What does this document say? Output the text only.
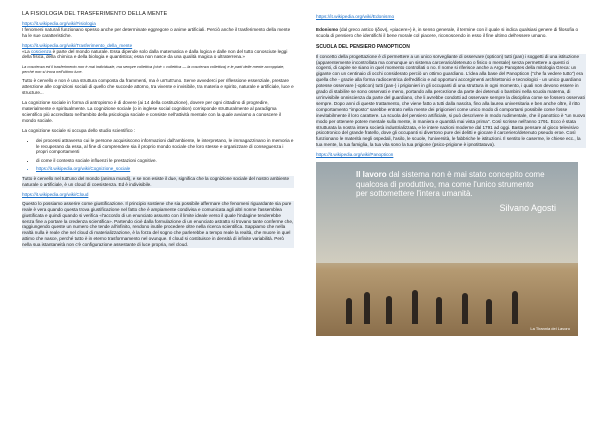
LA FISIOLOGIA DEL TRASFERIMENTO DELLA MENTE
https://it.wikipedia.org/wiki/Fisiologia

I fenomeni naturali funzionano spesso anche per determinate eggregore o anime artificiali. Perciò anche il trasferimento della mente ha le sue caratteristiche.

https://it.wikipedia.org/wiki/Trasferimento_della_mente

«La coscienza è parte del mondo naturale. Essa dipende solo dalla matematica e dalla logica e dalle non del tutto conosciute leggi della fisica, della chimica e della biologia e quantistica; essa non nasce da una qualità magica o ultraterrena.»

La coscienza ed il trasferimento non è mai individuale, ma sempre collettiva (cioè = collettiva — la coscienza collettiva) e le parti delle mente accoppiate, perché non si trova nell'ultimo luce.

Tutto è cervello e non è una struttura composta da frammenti, ma è un'tutt'uno. Serve avvederci per riflessione essenziale, prestare attenzione alle cognizioni sociali di quello che succede attorno, tra vivente e invisibile, tra materia e spirito, naturale e artificiale, luce e structure...

La cognizione sociale in forma di antropismo è di dovere (ai 14 della costituzione), dovere per ogni cittadino di progredire, materialmente e spiritualmente. La cognizione sociale (o in inglese social cognition) corrisponde strutturalmente al paradigma scientifico più accreditato nell'ambito della psicologia sociale e consiste nell'attività mentale con la quale avviamo a conoscere il mondo sociale.

La cognizione sociale si occupa dello studio scientifico :

• dei processi attraverso cui le persone acquisiscono informazioni dall'ambiente, le interpretano, le immagazzinano in memoria e le recuperano da essa, al fine di comprendere sia il proprio mondo sociale che loro stesse e organizzare di conseguenza i propri comportamenti
• di come il contesto sociale influenzi le prestazioni cognitive.
• https://it.wikipedia.org/wiki/Cognizione_sociale

Tutto è cervello nel tutt'uno del mondo (anima mundi), e se non esiste il due, significa che la cognizione sociale del nostro ambiente naturale o artificiale, è un cloud di coesistenza. Ed è indivisibile.

https://it.wikipedia.org/wiki/Cloud

Questo lo possiamo asserire come giustificazione. Il principio sostiene che sia possibile affermare che fenomeni riguardante sia pure reale è vera quando questa trova giustificazione nel fatto che è ampiamente condivisa e comunicata agli altri nonne l'assemblea giustificata e quindi quando si verifica «l'accordo di un enunciato assunto con il limite ideale verso il quale l'indagine tenderebbe senza fine a portare la credenza scientifica». Partendo cioè dalla formulazione di un enunciato astratto si trovano tante conferme che, raggiungendo queste un numero che tende all'infinito, rendono inutile procedere oltre nella ricerca scientifica. Sappiamo che nella realtà nulla è reale che nel cloud di materializzazione, è la forza del sogno che parlerebbe a tempo reale la realtà, che muore in quel attimo che nasce, perché tutto è in eterno trasformamento nel ovunque. Il cloud si costituisce in densità di infinite variabilità. Però nella sua istantaneità non c'è configurazione assestante di luce propria, nel cloud.

https://it.wikipedia.org/wiki/Edonismo

Edonismo (dal greco antico ἡδονή, «piacere») è, in senso generale, il termine con il quale si indica qualsiasi genere di filosofia o scuola di pensiero che identifichi il bene morale col piacere, riconoscendo in esso il fine ultimo dell'essere umano.

SCUOLA DEL PENSIERO PANOPTICON

Il concetto della progettazione è di permettere a un unico sorvegliante di osservare (opticon) tutti (pan) i soggetti di una istituzione (apparentemente incontrollata ma comunque un sistema carcerario/detenuto o fisico o mentale) senza permettere a questi ci cogenti, di capire se siano in quel momento controllati o no. Il nome si riferisce anche a Argo Panoptes della mitologia Greca: un gigante con un centinaio di occhi considerato perciò un ottimo guardiano. L'idea alla base del Panopticon ("che fa vedere tutto") era quella che - grazie alla forma radiocentrica dell'edificio e ad opportuni accorgimenti architettonici e tecnologici - un unico guardiano potesse osservare (-opticon) tutti (pan-) i prigionieri in gli occupanti di una struttura in ogni momento, i quali non devono essere in grado di stabilire se sono osservati e meno, portando alla percezione da parte dei detenuti o bambini nella scuola materna, di un'invisibile onniscienza da parte del guardiano, che li avrebbe condotti ad osservare sempre la disciplina come se fossero osservati sempre. Dopo anni di queste trattamento, che viene fatto a tutti dalla nascita, fino alla laurea universitaria e ben anche oltre, il ritto comportamento "imposto" sarebbe entrato nella mente dei prigionieri come unico modo di comportarsi possibile come fosse inevitabilmente il loro carattere. La scuola del pensiero artificiale, si può descrivere in modo rudimentale, che il panottico è "un nuovo modo per ottenere potere mentale sulla mente, in maniera e quantità mai vista prima". Così scrisse nell'anno 1791. Ecco è stata strutturata la nostra intera società industrializzata, e le intere nazioni moderne dal 1791 ad oggi. Basta pensare al gioco televisivo psicotronico del grande fratello, dove gli occupanti si divertono pure dei delitti e giocare il carceriero/detenuto pseudo eroe. Così funzionano le materità negli ospedali, l'asilo, le scuole, l'università, le fabbriche le istituzioni. Il sentito le caserme, le chiese ecc., la tua mente, la tua famiglia, la tua vita sono la tua prigione (psico-prigione è ipnotittatuva).

https://it.wikipedia.org/wiki/Panopticon
Il lavoro dal sistema non è mai stato concepito come qualcosa di produttivo, ma come l'unico strumento per sottomettere l'intera umanità.
Silvano Agosti
La Tirannia del Lavoro
